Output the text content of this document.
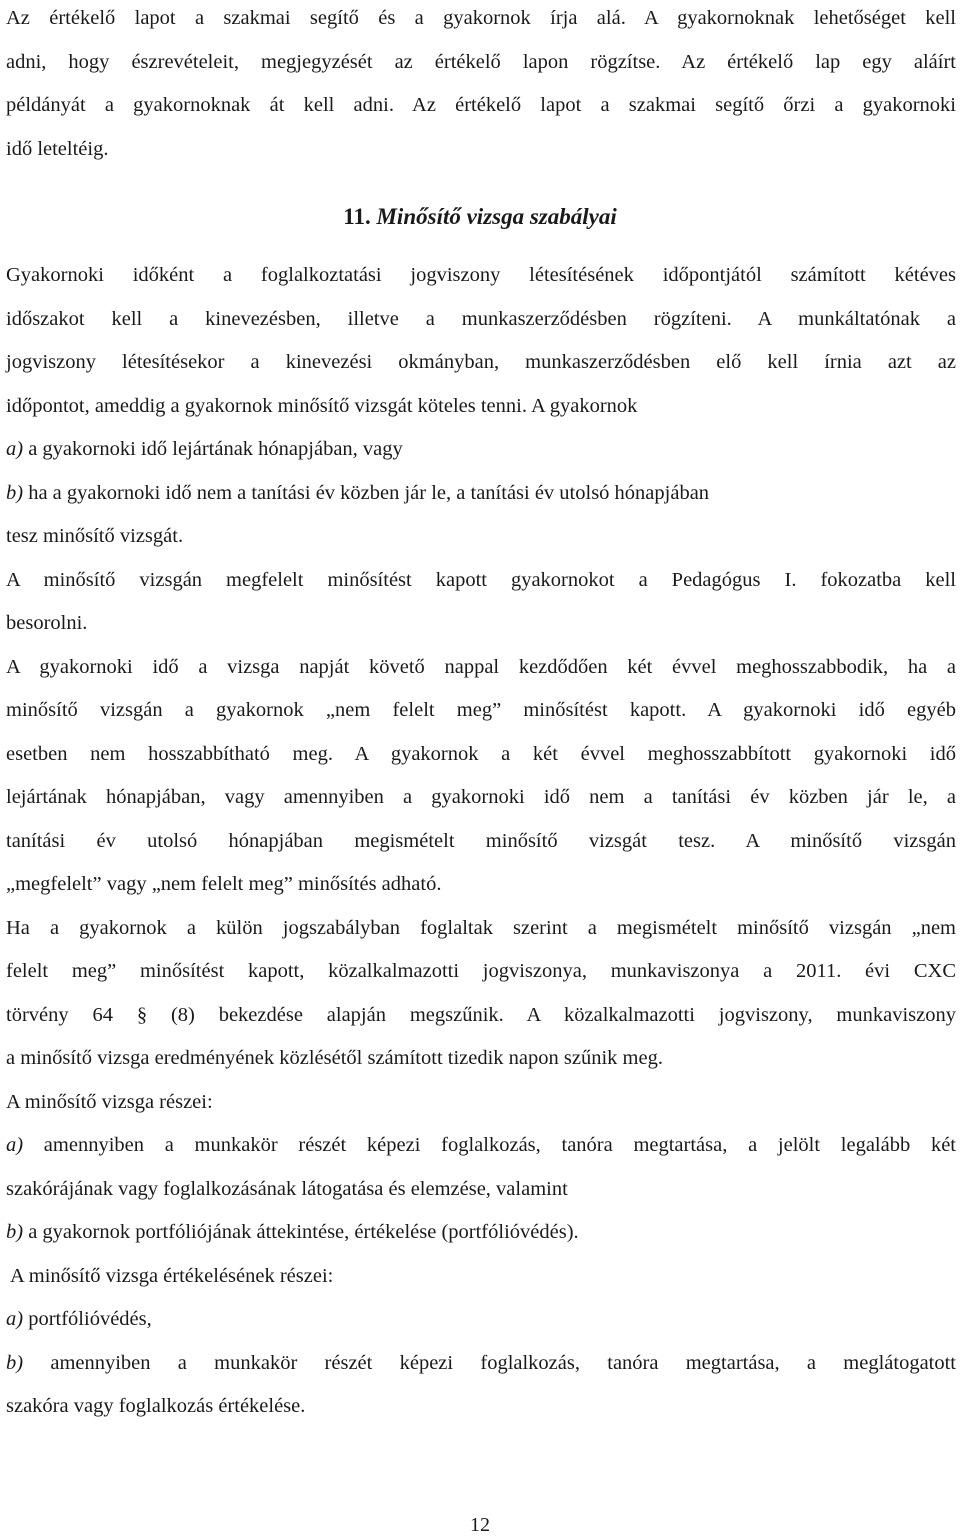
Az értékelő lapot a szakmai segítő és a gyakornok írja alá. A gyakornoknak lehetőséget kell
adni, hogy észrevételeit, megjegyzését az értékelő lapon rögzítse. Az értékelő lap egy aláírt
példányát a gyakornoknak át kell adni. Az értékelő lapot a szakmai segítő őrzi a gyakornoki
idő leteltéig.
11. Minősítő vizsga szabályai
Gyakornoki időként a foglalkoztatási jogviszony létesítésének időpontjától számított kétéves
időszakot kell a kinevezésben, illetve a munkaszerződésben rögzíteni. A munkáltatónak a
jogviszony létesítésekor a kinevezési okmányban, munkaszerződésben elő kell írnia azt az
időpontot, ameddig a gyakornok minősítő vizsgát köteles tenni. A gyakornok
a) a gyakornoki idő lejártának hónapjában, vagy
b) ha a gyakornoki idő nem a tanítási év közben jár le, a tanítási év utolsó hónapjában
tesz minősítő vizsgát.
A minősítő vizsgán megfelelt minősítést kapott gyakornokot a Pedagógus I. fokozatba kell
besorolni.
A gyakornoki idő a vizsga napját követő nappal kezdődően két évvel meghosszabbodik, ha a
minősítő vizsgán a gyakornok „nem felelt meg” minősítést kapott. A gyakornoki idő egyéb
esetben nem hosszabbítható meg. A gyakornok a két évvel meghosszabbított gyakornoki idő
lejártának hónapjában, vagy amennyiben a gyakornoki idő nem a tanítási év közben jár le, a
tanítási év utolsó hónapjában megismételt minősítő vizsgát tesz. A minősítő vizsgán
„megfelelt” vagy „nem felelt meg” minősítés adható.
Ha a gyakornok a külön jogszabályban foglaltak szerint a megismételt minősítő vizsgán „nem
felelt meg” minősítést kapott, közalkalmazotti jogviszonya, munkaviszonya a 2011. évi CXC
törvény 64 § (8) bekezdése alapján megszűnik. A közalkalmazotti jogviszony, munkaviszony
a minősítő vizsga eredményének közlésétől számított tizedik napon szűnik meg.
A minősítő vizsga részei:
a) amennyiben a munkakör részét képezi foglalkozás, tanóra megtartása, a jelölt legalább két
szakórájának vagy foglalkozásának látogatása és elemzése, valamint
b) a gyakornok portfóliójának áttekintése, értékelése (portfólióvédés).
A minősítő vizsga értékelésének részei:
a) portfólióvédés,
b) amennyiben a munkakör részét képezi foglalkozás, tanóra megtartása, a meglátogatott
szakóra vagy foglalkozás értékelése.
12
